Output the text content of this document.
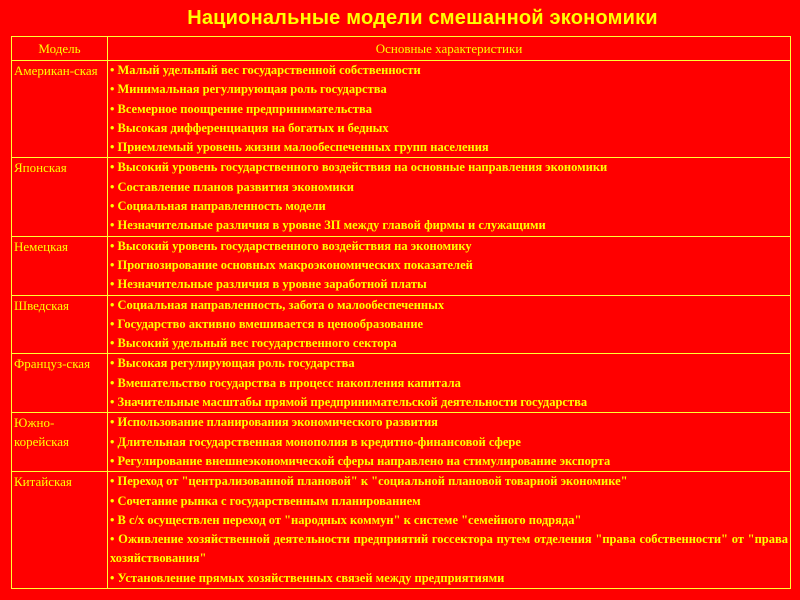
Национальные модели смешанной экономики
Модель	Основные характеристики
Американ-ская	• Малый удельный вес государственной собственности
• Минимальная регулирующая роль государства
• Всемерное поощрение предпринимательства
• Высокая дифференциация на богатых и бедных
• Приемлемый уровень жизни малообеспеченных групп населения

Японская	• Высокий уровень государственного воздействия на основные направления экономики
• Составление планов развития экономики
• Социальная направленность модели
• Незначительные различия в уровне ЗП между главой фирмы и служащими

Немецкая	• Высокий уровень государственного воздействия на экономику
• Прогнозирование основных макроэкономических показателей
• Незначительные различия в уровне заработной платы

Шведская	• Социальная направленность, забота о малообеспеченных
• Государство активно вмешивается в ценообразование
• Высокий удельный вес государственного сектора

Француз-ская	• Высокая регулирующая роль государства
• Вмешательство государства в процесс накопления капитала
• Значительные масштабы прямой предпринимательской деятельности государства

Южно-корейская	• Использование планирования экономического развития
• Длительная государственная монополия в кредитно-финансовой сфере
• Регулирование внешнеэкономической сферы направлено на стимулирование экспорта

Китайская	• Переход от "централизованной плановой" к "социальной плановой товарной экономике"
• Сочетание рынка с государственным планированием
• В с/х осуществлен переход от "народных коммун" к системе "семейного подряда"
• Оживление хозяйственной деятельности предприятий госсектора путем отделения "права собственности" от "права хозяйствования"
• Установление прямых хозяйственных связей между предприятиями
